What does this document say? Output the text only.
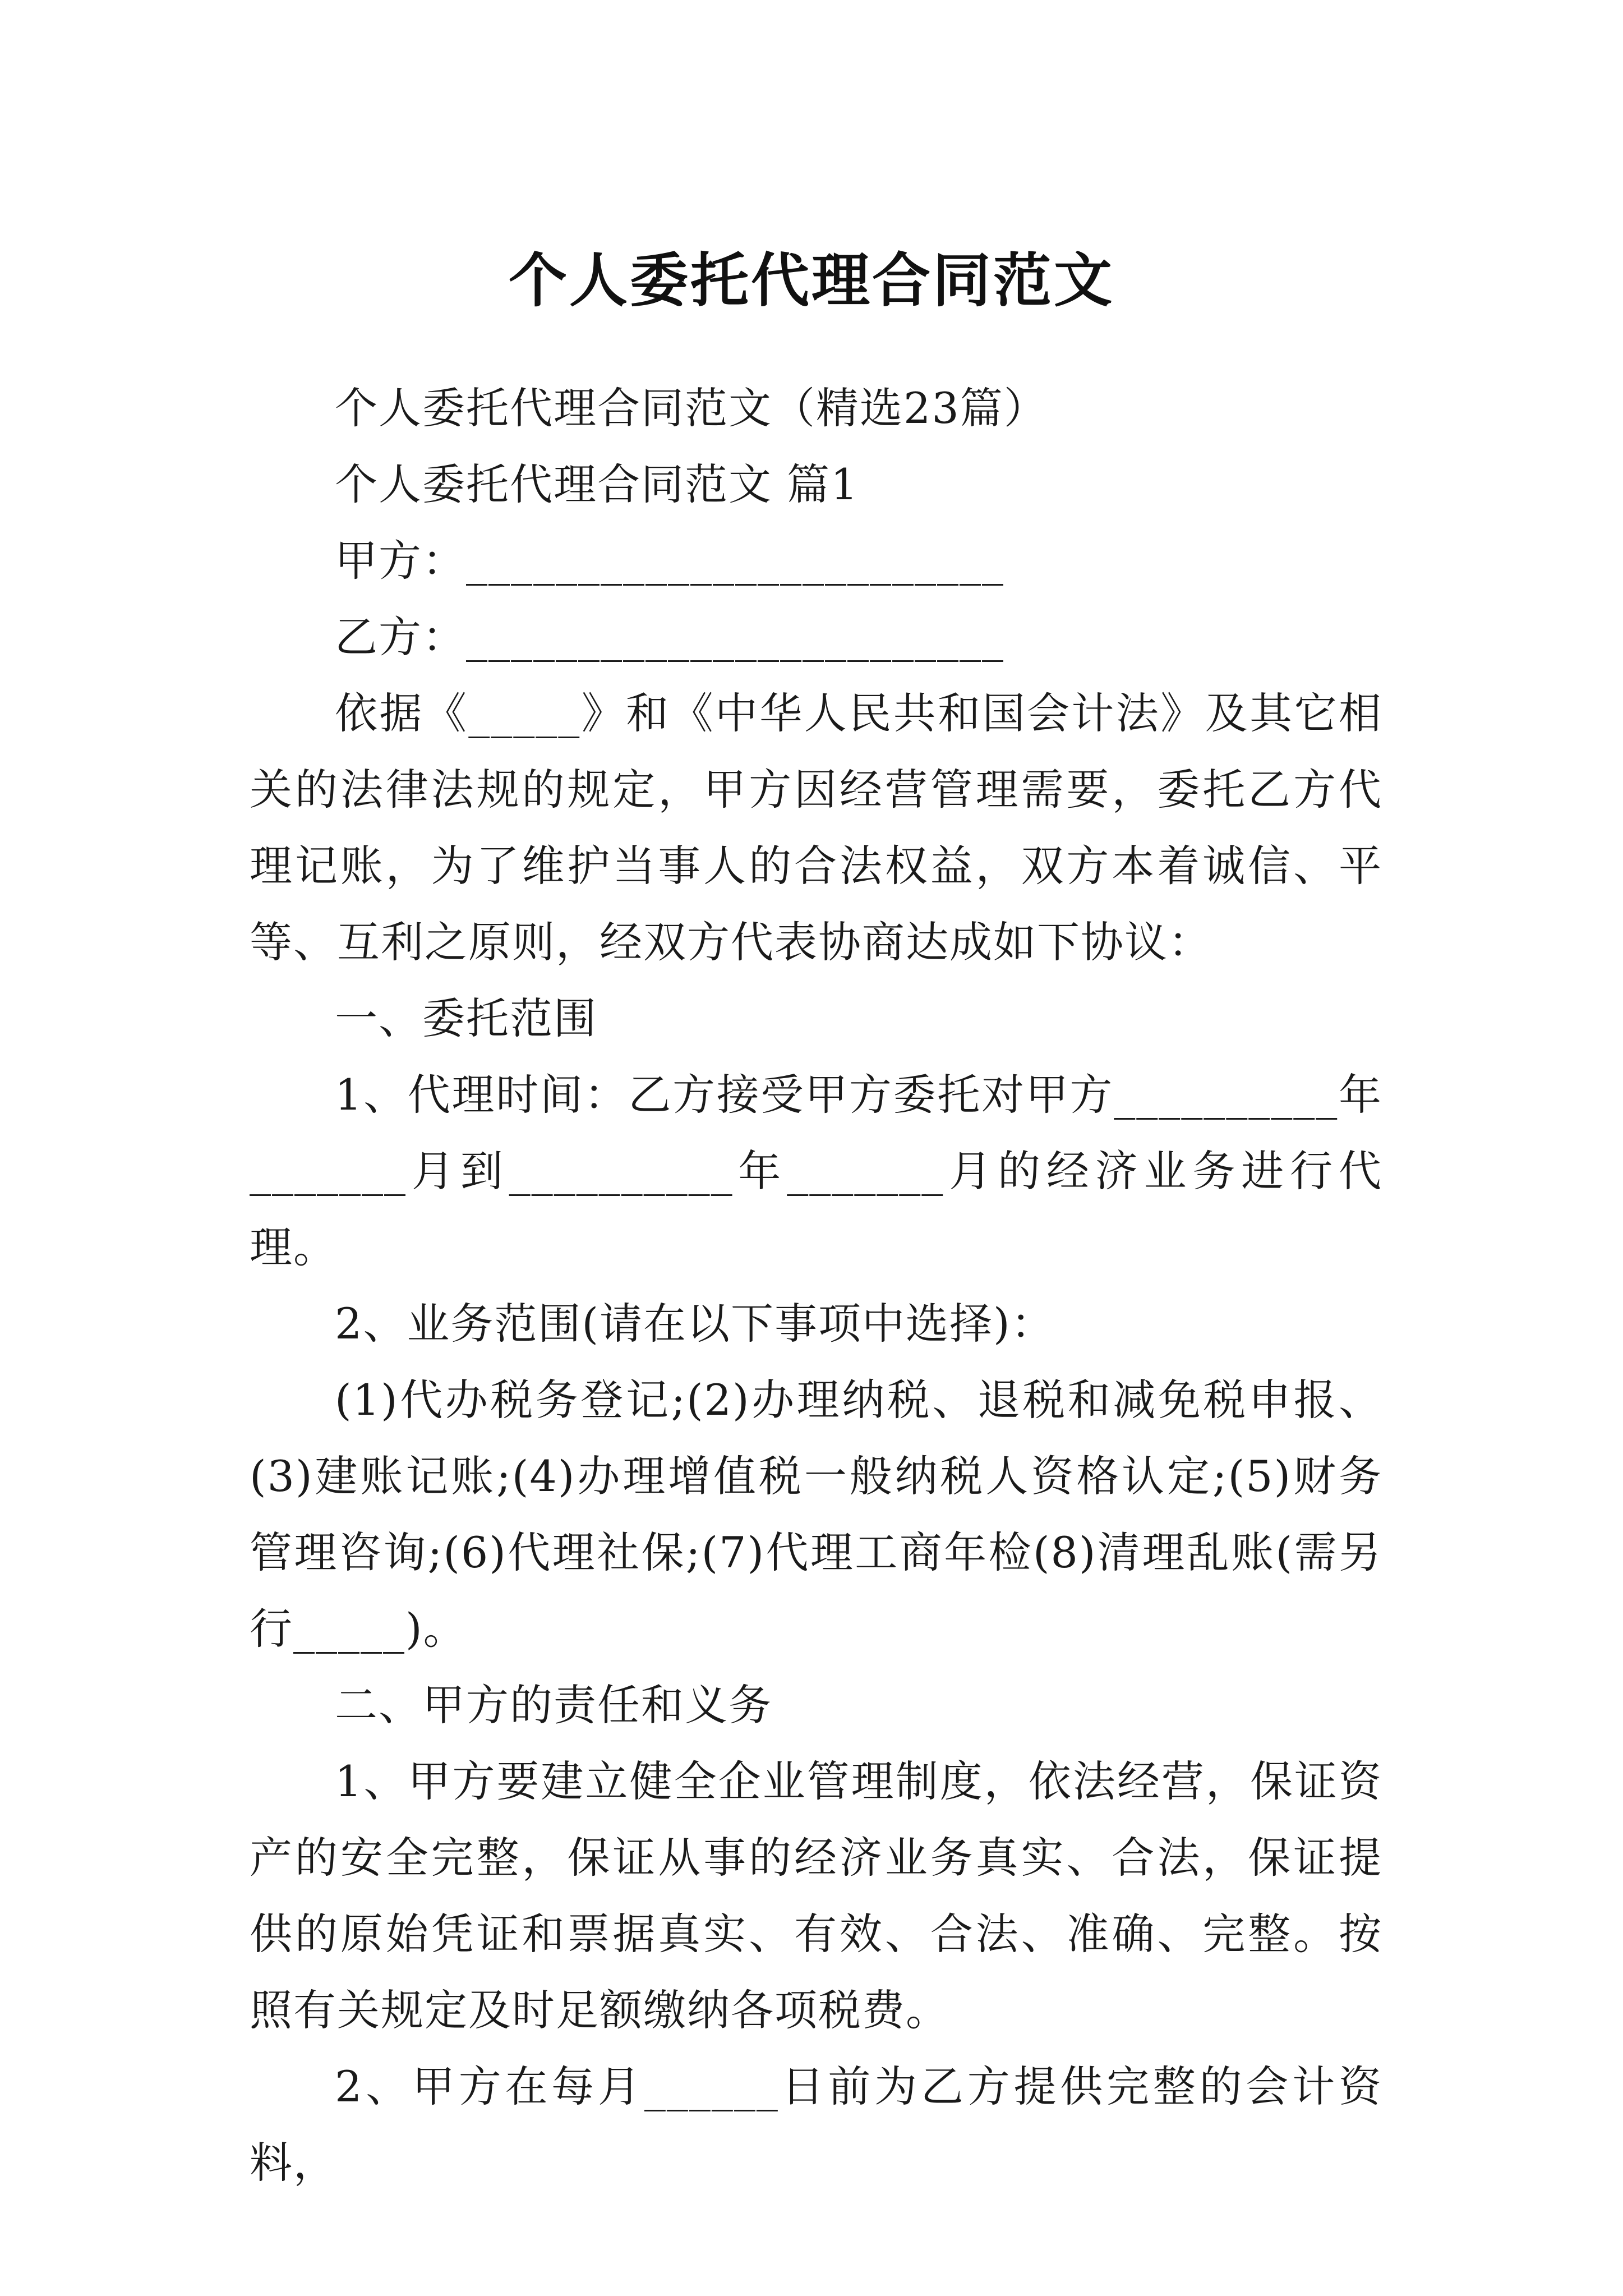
个人委托代理合同范文

个人委托代理合同范文（精选23篇）

个人委托代理合同范文 篇1

甲方：________________________

乙方：________________________

依据《_____》和《中华人民共和国会计法》及其它相关的法律法规的规定，甲方因经营管理需要，委托乙方代理记账，为了维护当事人的合法权益，双方本着诚信、平等、互利之原则，经双方代表协商达成如下协议：

一、委托范围

1、代理时间：乙方接受甲方委托对甲方__________年_______月到__________年_______月的经济业务进行代理。

2、业务范围(请在以下事项中选择)：

(1)代办税务登记;(2)办理纳税、退税和减免税申报、(3)建账记账;(4)办理增值税一般纳税人资格认定;(5)财务管理咨询;(6)代理社保;(7)代理工商年检(8)清理乱账(需另行_____)。

二、甲方的责任和义务

1、甲方要建立健全企业管理制度，依法经营，保证资产的安全完整，保证从事的经济业务真实、合法，保证提供的原始凭证和票据真实、有效、合法、准确、完整。按照有关规定及时足额缴纳各项税费。

2、甲方在每月______日前为乙方提供完整的会计资料，
